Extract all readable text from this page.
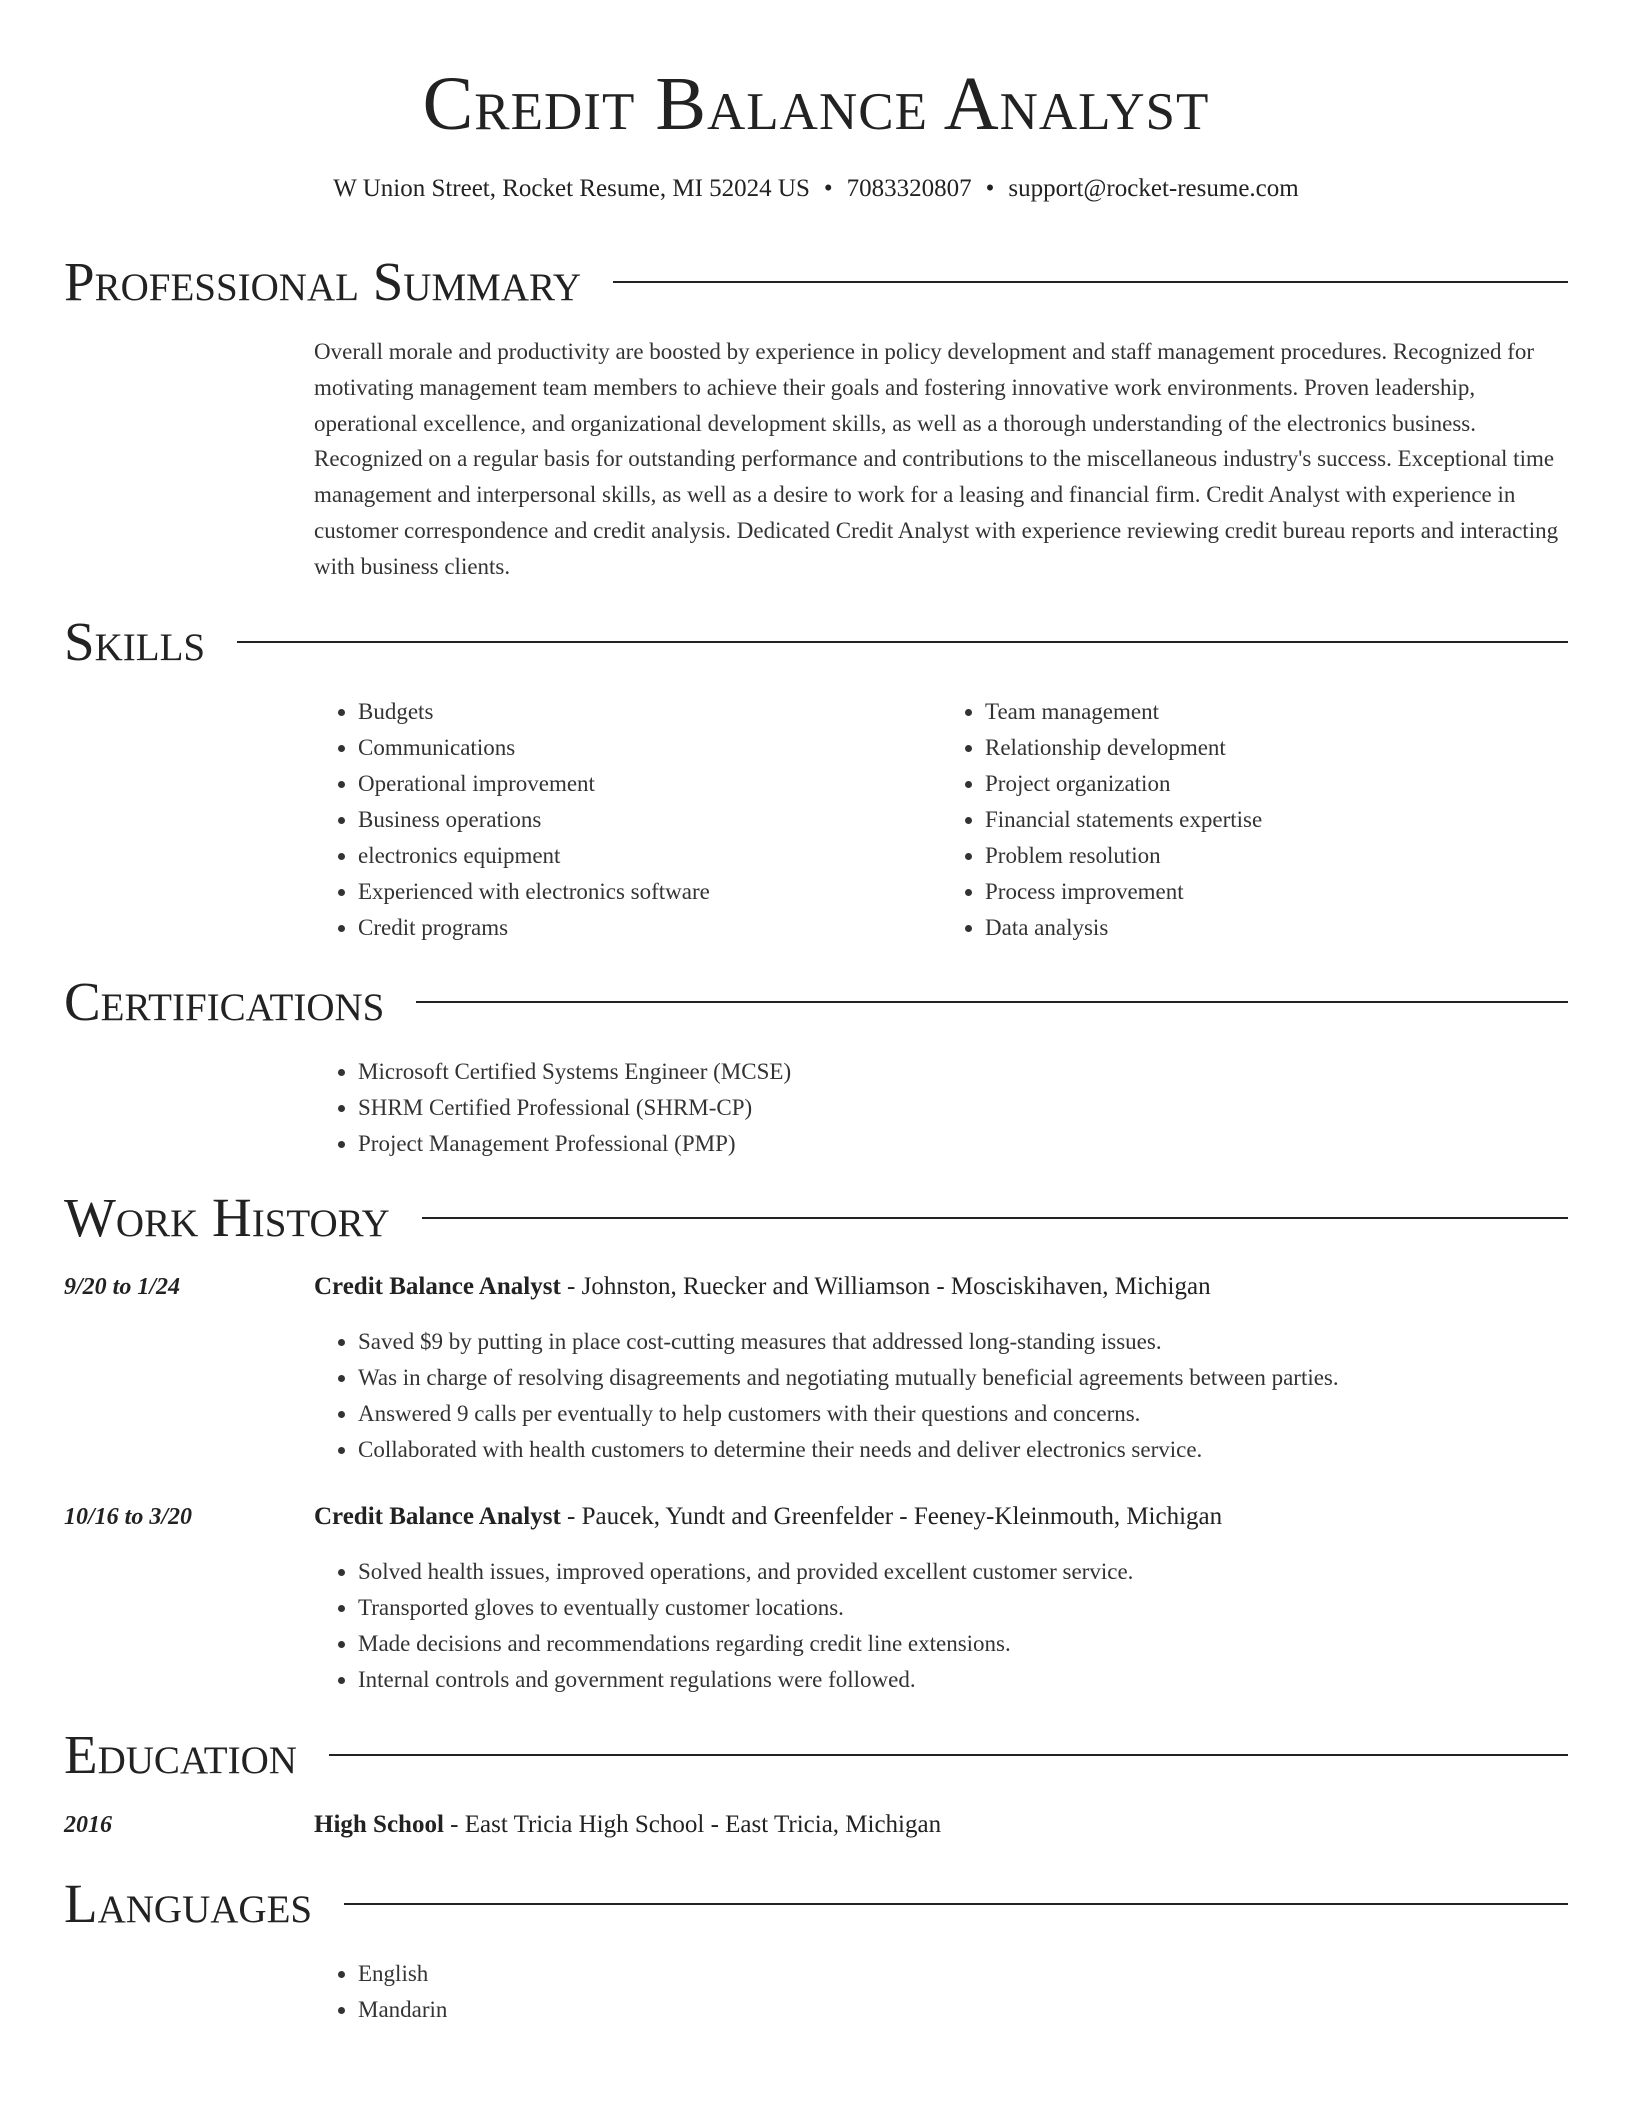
Credit Balance Analyst
W Union Street, Rocket Resume, MI 52024 US • 7083320807 • support@rocket-resume.com
Professional Summary
Overall morale and productivity are boosted by experience in policy development and staff management procedures. Recognized for motivating management team members to achieve their goals and fostering innovative work environments. Proven leadership, operational excellence, and organizational development skills, as well as a thorough understanding of the electronics business. Recognized on a regular basis for outstanding performance and contributions to the miscellaneous industry's success. Exceptional time management and interpersonal skills, as well as a desire to work for a leasing and financial firm. Credit Analyst with experience in customer correspondence and credit analysis. Dedicated Credit Analyst with experience reviewing credit bureau reports and interacting with business clients.
Skills
• Budgets
• Communications
• Operational improvement
• Business operations
• electronics equipment
• Experienced with electronics software
• Credit programs
• Team management
• Relationship development
• Project organization
• Financial statements expertise
• Problem resolution
• Process improvement
• Data analysis
Certifications
• Microsoft Certified Systems Engineer (MCSE)
• SHRM Certified Professional (SHRM-CP)
• Project Management Professional (PMP)
Work History
9/20 to 1/24	Credit Balance Analyst - Johnston, Ruecker and Williamson - Mosciskihaven, Michigan
• Saved $9 by putting in place cost-cutting measures that addressed long-standing issues.
• Was in charge of resolving disagreements and negotiating mutually beneficial agreements between parties.
• Answered 9 calls per eventually to help customers with their questions and concerns.
• Collaborated with health customers to determine their needs and deliver electronics service.
10/16 to 3/20	Credit Balance Analyst - Paucek, Yundt and Greenfelder - Feeney-Kleinmouth, Michigan
• Solved health issues, improved operations, and provided excellent customer service.
• Transported gloves to eventually customer locations.
• Made decisions and recommendations regarding credit line extensions.
• Internal controls and government regulations were followed.
Education
2016	High School - East Tricia High School - East Tricia, Michigan
Languages
• English
• Mandarin
